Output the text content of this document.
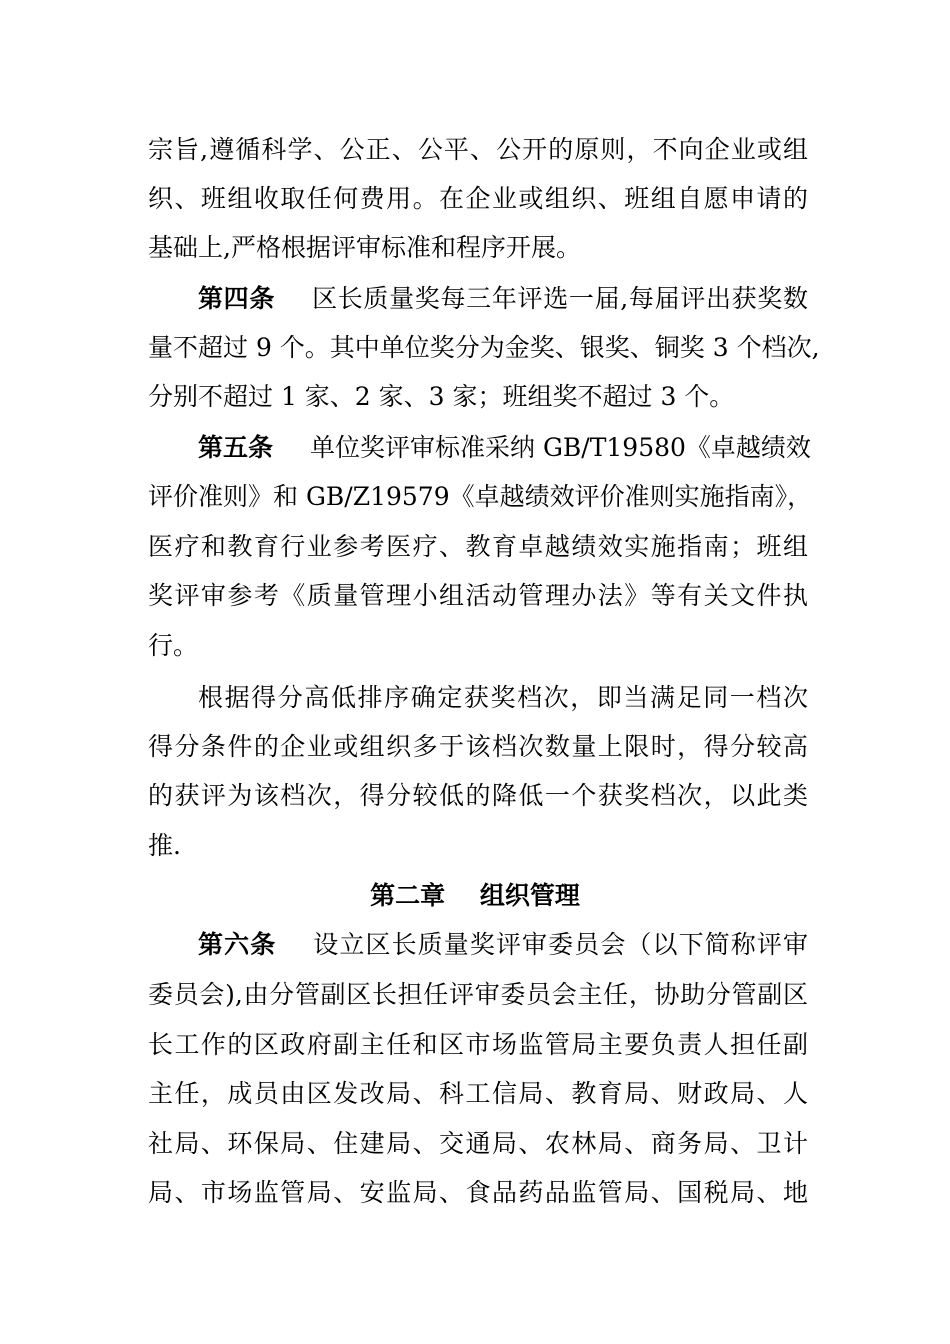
宗旨,遵循科学、公正、公平、公开的原则，不向企业或组
织、班组收取任何费用。在企业或组织、班组自愿申请的
基础上,严格根据评审标准和程序开展。
第四条 区长质量奖每三年评选一届,每届评出获奖数
量不超过 9 个。其中单位奖分为金奖、银奖、铜奖 3 个档次,
分别不超过 1 家、2 家、3 家；班组奖不超过 3 个。
第五条 单位奖评审标准采纳 GB/T19580《卓越绩效
评价准则》和 GB/Z19579《卓越绩效评价准则实施指南》，
医疗和教育行业参考医疗、教育卓越绩效实施指南；班组
奖评审参考《质量管理小组活动管理办法》等有关文件执
行。
根据得分高低排序确定获奖档次，即当满足同一档次
得分条件的企业或组织多于该档次数量上限时，得分较高
的获评为该档次，得分较低的降低一个获奖档次，以此类
推.
第二章    组织管理
第六条 设立区长质量奖评审委员会（以下简称评审
委员会),由分管副区长担任评审委员会主任，协助分管副区
长工作的区政府副主任和区市场监管局主要负责人担任副
主任，成员由区发改局、科工信局、教育局、财政局、人
社局、环保局、住建局、交通局、农林局、商务局、卫计
局、市场监管局、安监局、食品药品监管局、国税局、地
